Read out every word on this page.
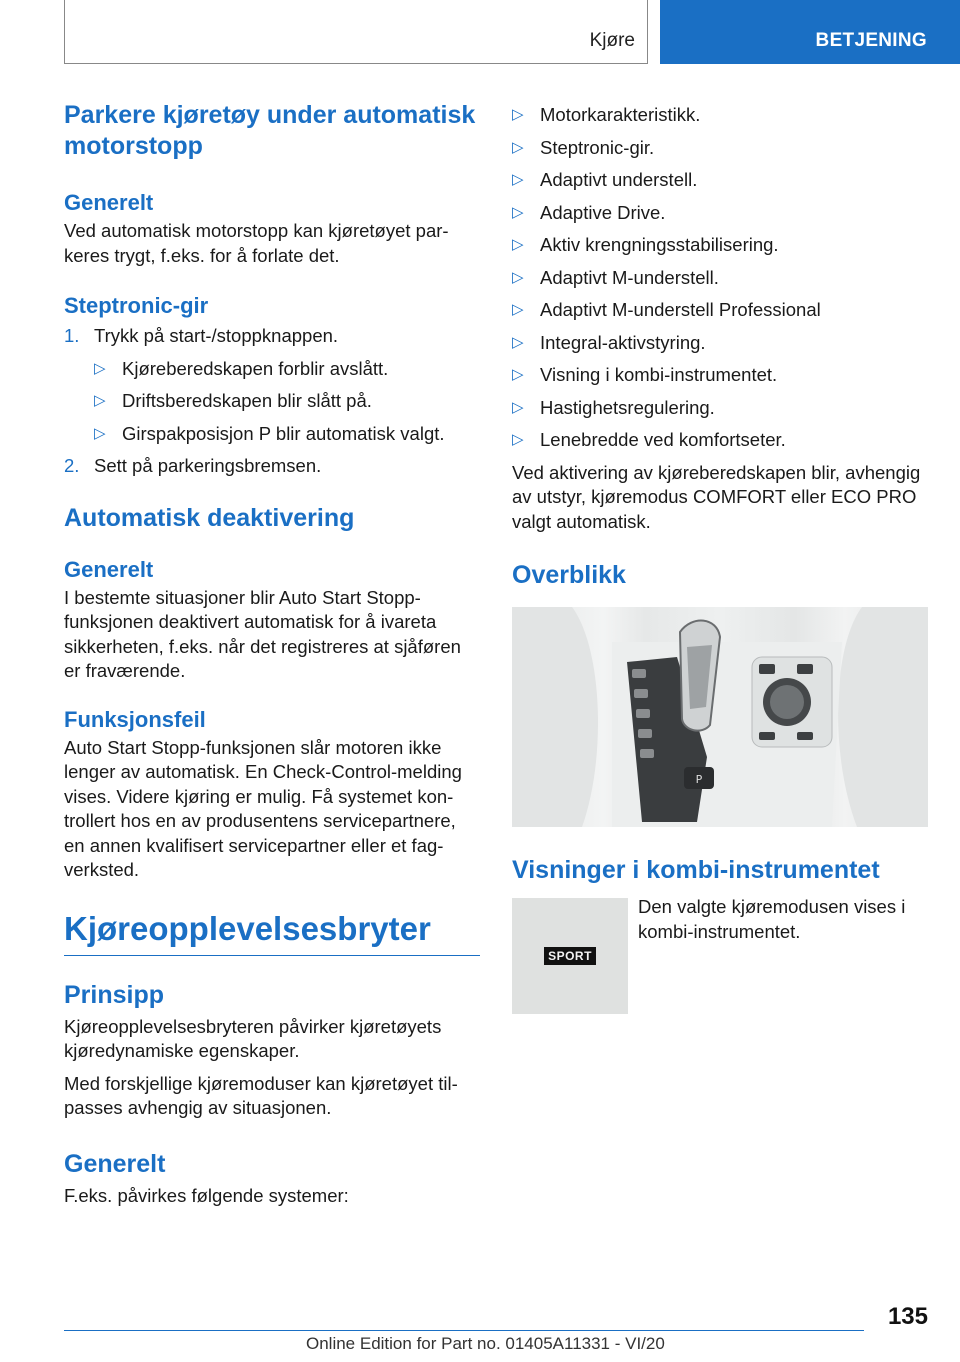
Kjøre	BETJENING
Parkere kjøretøy under automatisk motorstopp
Generelt

Ved automatisk motorstopp kan kjøretøyet parkeres trygt, f.eks. for å forlate det.

Steptronic-gir
1. Trykk på start-/stoppknappen.
▷ Kjøreberedskapen forblir avslått.
▷ Driftsberedskapen blir slått på.
▷ Girspakposisjon P blir automatisk valgt.
2. Sett på parkeringsbremsen.
Automatisk deaktivering
Generelt

I bestemte situasjoner blir Auto Start Stopp-funksjonen deaktivert automatisk for å ivareta sikkerheten, f.eks. når det registreres at sjåføren er fraværende.

Funksjonsfeil

Auto Start Stopp-funksjonen slår motoren ikke lenger av automatisk. En Check-Control-melding vises. Videre kjøring er mulig. Få systemet kontrollert hos en av produsentens servicepartnere, en annen kvalifisert servicepartner eller et fagverksted.

Kjøreopplevelsesbryter
Prinsipp

Kjøreopplevelsesbryteren påvirker kjøretøyets kjøredynamiske egenskaper.

Med forskjellige kjøremoduser kan kjøretøyet tilpasses avhengig av situasjonen.

Generelt

F.eks. påvirkes følgende systemer:

▷ Motorkarakteristikk.
▷ Steptronic-gir.
▷ Adaptivt understell.
▷ Adaptive Drive.
▷ Aktiv krengningsstabilisering.
▷ Adaptivt M-understell.
▷ Adaptivt M-understell Professional
▷ Integral-aktivstyring.
▷ Visning i kombi-instrumentet.
▷ Hastighetsregulering.
▷ Lenebredde ved komfortseter.

Ved aktivering av kjøreberedskapen blir, avhengig av utstyr, kjøremodus COMFORT eller ECO PRO valgt automatisk.

Overblikk
P
Visninger i kombi-instrumentet
SPORT

Den valgte kjøremodusen vises i kombi-instrumentet.

135
Online Edition for Part no. 01405A11331 - VI/20
